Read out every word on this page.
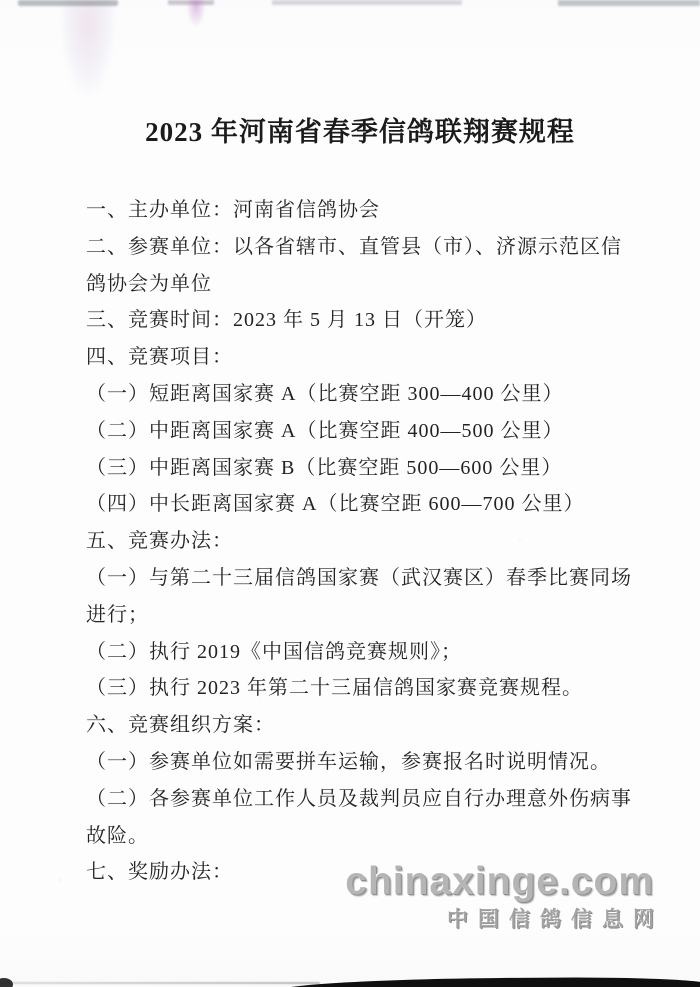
2023 年河南省春季信鸽联翔赛规程

一、主办单位：河南省信鸽协会

二、参赛单位：以各省辖市、直管县（市）、济源示范区信

鸽协会为单位

三、竞赛时间：2023 年 5 月 13 日（开笼）

四、竞赛项目：

（一）短距离国家赛 A（比赛空距 300—400 公里）

（二）中距离国家赛 A（比赛空距 400—500 公里）

（三）中距离国家赛 B（比赛空距 500—600 公里）

（四）中长距离国家赛 A（比赛空距 600—700 公里）

五、竞赛办法：

（一）与第二十三届信鸽国家赛（武汉赛区）春季比赛同场

进行；

（二）执行 2019《中国信鸽竞赛规则》；

（三）执行 2023 年第二十三届信鸽国家赛竞赛规程。

六、竞赛组织方案：

（一）参赛单位如需要拼车运输，参赛报名时说明情况。

（二）各参赛单位工作人员及裁判员应自行办理意外伤病事

故险。

七、奖励办法：	chinaxinge.com
中国信鸽信息网
